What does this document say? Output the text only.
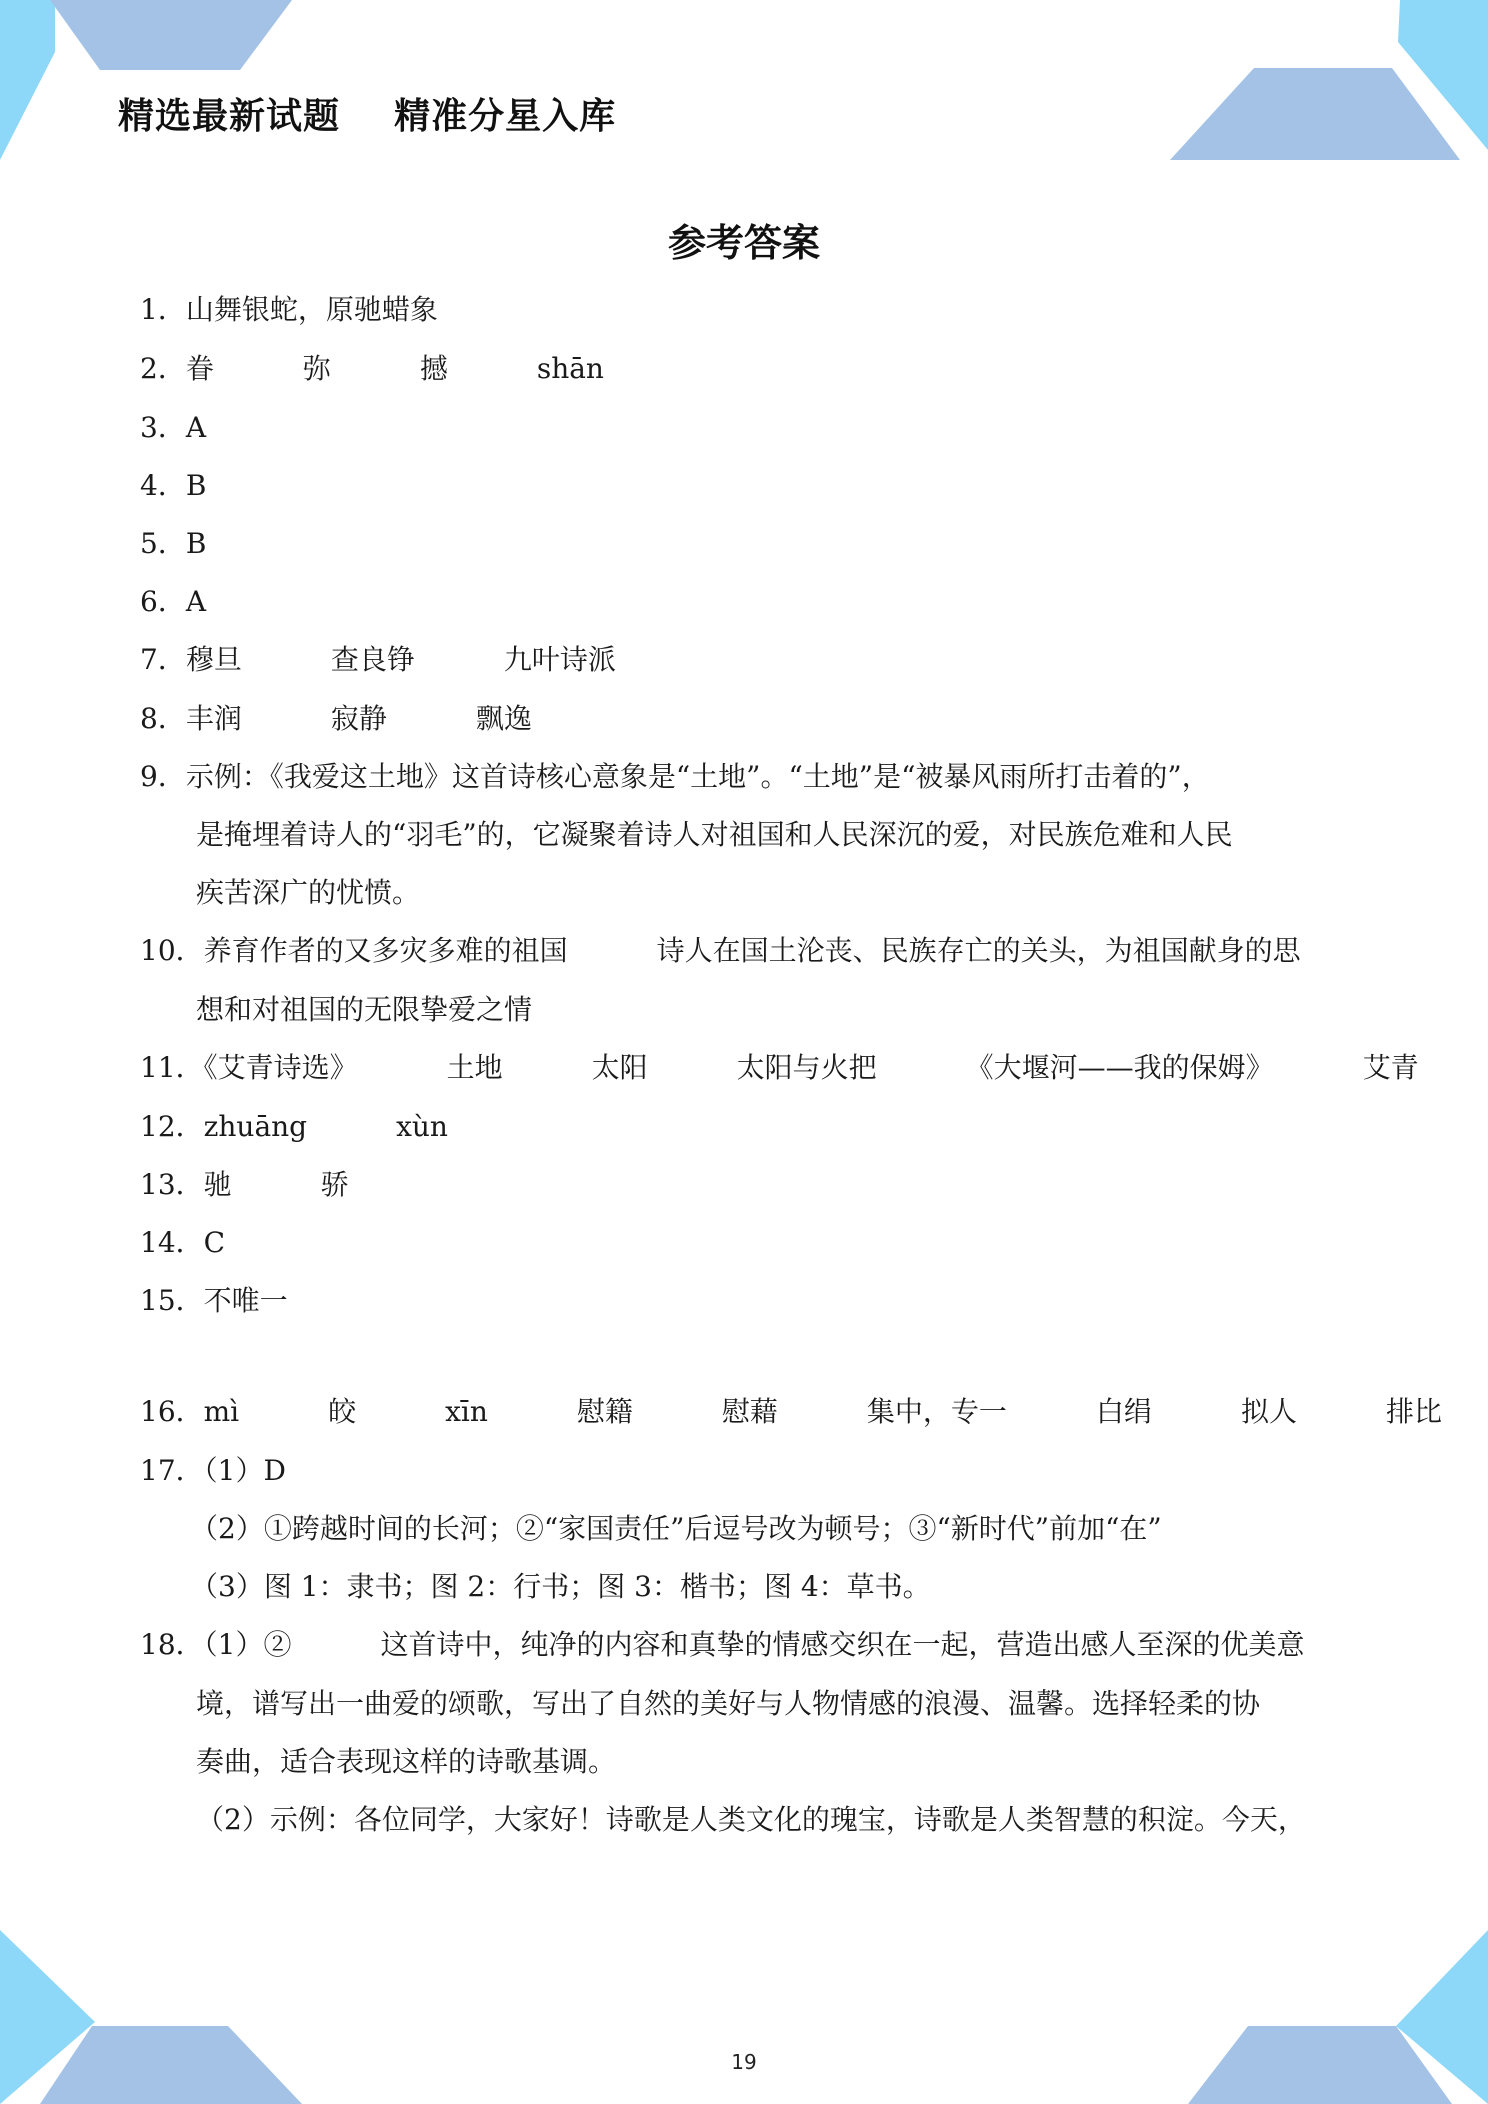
精选最新试题    精准分星入库
参考答案
1．山舞银蛇，原驰蜡象
2．眷          弥          撼          shān
3．A
4．B
5．B
6．A
7．穆旦          查良铮          九叶诗派
8．丰润          寂静          飘逸
9．示例：《我爱这土地》这首诗核心意象是“土地”。“土地”是“被暴风雨所打击着的”，
是掩埋着诗人的“羽毛”的，它凝聚着诗人对祖国和人民深沉的爱，对民族危难和人民
疾苦深广的忧愤。
10．养育作者的又多灾多难的祖国          诗人在国土沦丧、民族存亡的关头，为祖国献身的思
想和对祖国的无限挚爱之情
11．《艾青诗选》          土地          太阳          太阳与火把          《大堰河——我的保姆》          艾青
12．zhuāng          xùn
13．驰          骄
14．C
15．不唯一
16．mì          皎          xīn          慰籍          慰藉          集中，专一          白绢          拟人          排比
17．（1）D
（2）①跨越时间的长河；②“家国责任”后逗号改为顿号；③“新时代”前加“在”
（3）图 1：隶书；图 2：行书；图 3：楷书；图 4：草书。
18．（1）②          这首诗中，纯净的内容和真挚的情感交织在一起，营造出感人至深的优美意
境，谱写出一曲爱的颂歌，写出了自然的美好与人物情感的浪漫、温馨。选择轻柔的协
奏曲，适合表现这样的诗歌基调。
（2）示例：各位同学，大家好！诗歌是人类文化的瑰宝，诗歌是人类智慧的积淀。今天，
19
